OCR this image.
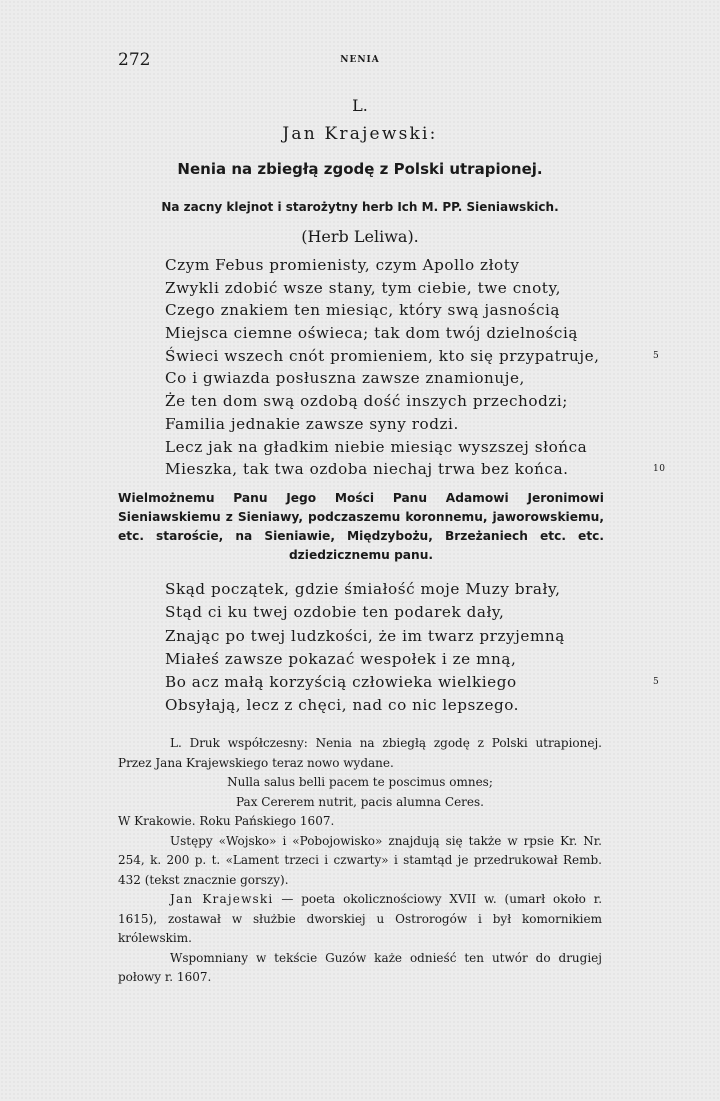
272	NENIA
L.
Jan Krajewski:
Nenia na zbiegłą zgodę z Polski utrapionej.
Na zacny klejnot i starożytny herb Ich M. PP. Sieniawskich.
(Herb Leliwa).
Czym Febus promienisty, czym Apollo złoty
Zwykli zdobić wsze stany, tym ciebie, twe cnoty,
Czego znakiem ten miesiąc, który swą jasnością
Miejsca ciemne oświeca; tak dom twój dzielnością
Świeci wszech cnót promieniem, kto się przypatruje,	5
Co i gwiazda posłuszna zawsze znamionuje,
Że ten dom swą ozdobą dość inszych przechodzi;
Familia jednakie zawsze syny rodzi.
Lecz jak na gładkim niebie miesiąc wyszszej słońca
Mieszka, tak twa ozdoba niechaj trwa bez końca.	10
Wielmożnemu Panu Jego Mości Panu Adamowi Jeronimowi Sieniawskiemu z Sieniawy, podczaszemu koronnemu, jaworowskiemu, etc. staroście, na Sieniawie, Międzybożu, Brzeżaniech etc. etc. dziedzicznemu panu.
Skąd początek, gdzie śmiałość moje Muzy brały,
Stąd ci ku twej ozdobie ten podarek dały,
Znając po twej ludzkości, że im twarz przyjemną
Miałeś zawsze pokazać wespołek i ze mną,
Bo acz małą korzyścią człowieka wielkiego	5
Obsyłają, lecz z chęci, nad co nic lepszego.

L. Druk współczesny: Nenia na zbiegłą zgodę z Polski utrapionej. Przez Jana Krajewskiego teraz nowo wydane.

Nulla salus belli pacem te poscimus omnes;

Pax Cererem nutrit, pacis alumna Ceres.

W Krakowie. Roku Pańskiego 1607.

Ustępy «Wojsko» i «Pobojowisko» znajdują się także w rpsie Kr. Nr. 254, k. 200 p. t. «Lament trzeci i czwarty» i stamtąd je przedrukował Remb. 432 (tekst znacznie gorszy).

Jan Krajewski — poeta okolicznościowy XVII w. (umarł około r. 1615), zostawał w służbie dworskiej u Ostrorogów i był komornikiem królewskim.

Wspomniany w tekście Guzów każe odnieść ten utwór do drugiej połowy r. 1607.
